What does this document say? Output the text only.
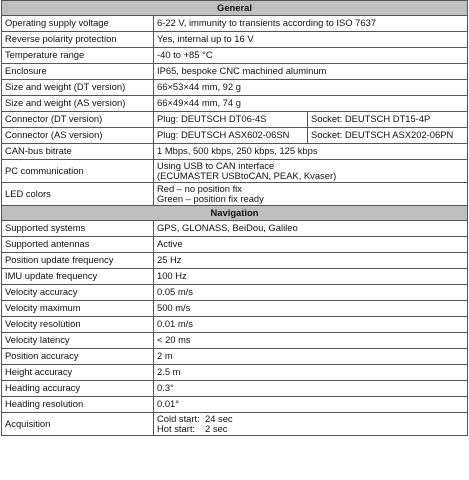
General		
Operating supply voltage	6-22 V, immunity to transients according to ISO 7637	
Reverse polarity protection	Yes, internal up to 16 V	
Temperature range	-40 to +85 °C	
Enclosure	IP65, bespoke CNC machined aluminum	
Size and weight (DT version)	66×53×44 mm, 92 g	
Size and weight (AS version)	66×49×44 mm, 74 g	
Connector (DT version)	Plug: DEUTSCH DT06-4S	Socket: DEUTSCH DT15-4P
Connector (AS version)	Plug: DEUTSCH ASX602-06SN	Socket: DEUTSCH ASX202-06PN
CAN-bus bitrate	1 Mbps, 500 kbps, 250 kbps, 125 kbps	
PC communication	Using USB to CAN interface
(ECUMASTER USBtoCAN, PEAK, Kvaser)	

LED colors	Red – no position fix
Green – position fix ready	

Navigation		
Supported systems	GPS, GLONASS, BeiDou, Galileo	
Supported antennas	Active	
Position update frequency	25 Hz	
IMU update frequency	100 Hz	
Velocity accuracy	0.05 m/s	
Velocity maximum	500 m/s	
Velocity resolution	0.01 m/s	
Velocity latency	< 20 ms	
Position accuracy	2 m	
Height accuracy	2.5 m	
Heading accuracy	0.3°	
Heading resolution	0.01°	
Acquisition	Cold start: 24 sec
Hot start: 2 sec	
